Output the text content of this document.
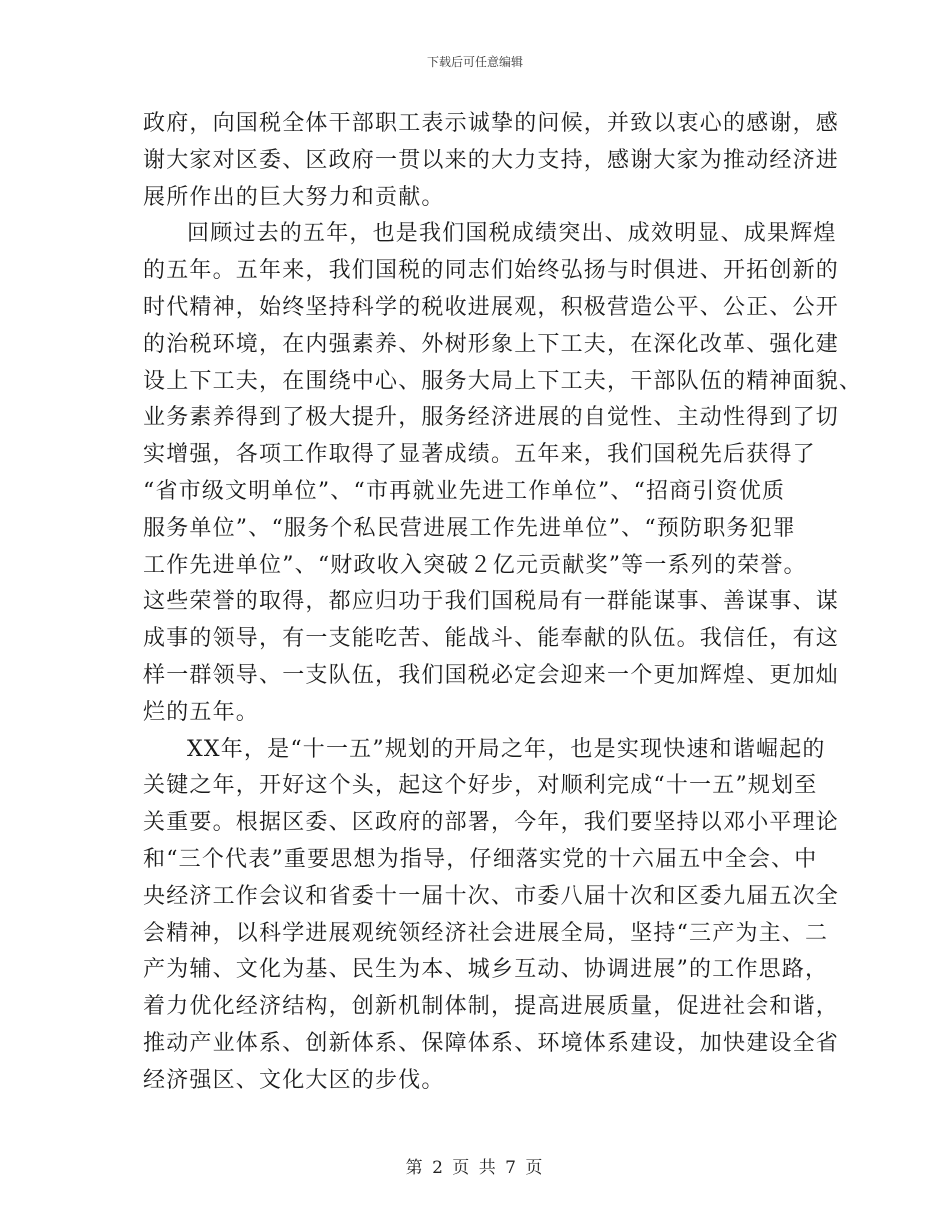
下载后可任意编辑
政府，向国税全体干部职工表示诚挚的问候，并致以衷心的感谢，感
谢大家对区委、区政府一贯以来的大力支持，感谢大家为推动经济进
展所作出的巨大努力和贡献。
回顾过去的五年，也是我们国税成绩突出、成效明显、成果辉煌
的五年。五年来，我们国税的同志们始终弘扬与时俱进、开拓创新的
时代精神，始终坚持科学的税收进展观，积极营造公平、公正、公开
的治税环境，在内强素养、外树形象上下工夫，在深化改革、强化建
设上下工夫，在围绕中心、服务大局上下工夫，干部队伍的精神面貌、
业务素养得到了极大提升，服务经济进展的自觉性、主动性得到了切
实增强，各项工作取得了显著成绩。五年来，我们国税先后获得了
“省市级文明单位”、“市再就业先进工作单位”、“招商引资优质
服务单位”、“服务个私民营进展工作先进单位”、“预防职务犯罪
工作先进单位”、“财政收入突破２亿元贡献奖”等一系列的荣誉。
这些荣誉的取得，都应归功于我们国税局有一群能谋事、善谋事、谋
成事的领导，有一支能吃苦、能战斗、能奉献的队伍。我信任，有这
样一群领导、一支队伍，我们国税必定会迎来一个更加辉煌、更加灿
烂的五年。
XX年，是“十一五”规划的开局之年，也是实现快速和谐崛起的
关键之年，开好这个头，起这个好步，对顺利完成“十一五”规划至
关重要。根据区委、区政府的部署，今年，我们要坚持以邓小平理论
和“三个代表”重要思想为指导，仔细落实党的十六届五中全会、中
央经济工作会议和省委十一届十次、市委八届十次和区委九届五次全
会精神，以科学进展观统领经济社会进展全局，坚持“三产为主、二
产为辅、文化为基、民生为本、城乡互动、协调进展”的工作思路，
着力优化经济结构，创新机制体制，提高进展质量，促进社会和谐，
推动产业体系、创新体系、保障体系、环境体系建设，加快建设全省
经济强区、文化大区的步伐。
第 2 页 共 7 页
